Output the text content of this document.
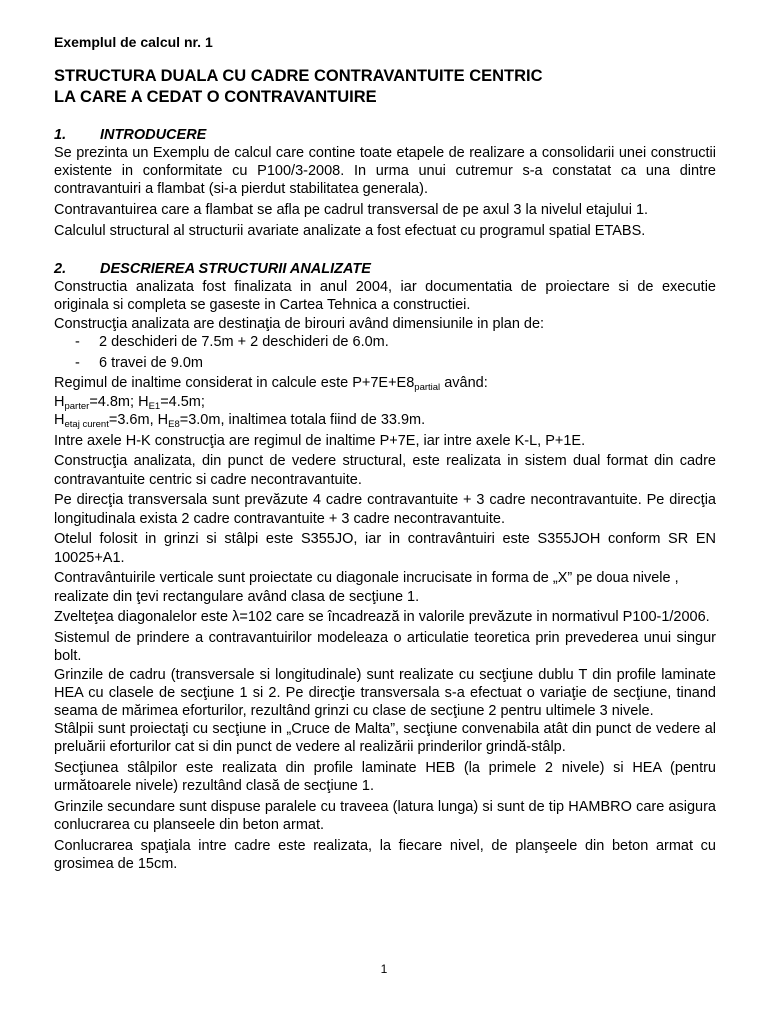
Exemplul de calcul nr. 1
STRUCTURA DUALA CU CADRE CONTRAVANTUITE CENTRIC
LA CARE A CEDAT O CONTRAVANTUIRE
1.	INTRODUCERE

Se prezinta un Exemplu de calcul care contine toate etapele de realizare a consolidarii unei constructii existente in conformitate cu P100/3-2008. In urma unui cutremur s-a constatat ca una dintre contravantuiri a flambat (si-a pierdut stabilitatea generala).

Contravantuirea care a flambat se afla pe cadrul transversal de pe axul 3 la nivelul etajului 1.

Calculul structural al structurii avariate analizate a fost efectuat cu programul spatial ETABS.

2.	DESCRIEREA STRUCTURII ANALIZATE

Constructia analizata fost finalizata in anul 2004, iar documentatia de proiectare si de executie originala si completa se gaseste in Cartea Tehnica a constructiei.

Construcţia analizata are destinaţia de birouri având dimensiunile in plan de:

-	2 deschideri de 7.5m + 2 deschideri de 6.0m.
-	6 travei de 9.0m

Regimul de inaltime considerat in calcule este $P+7E+E8_{partial}$ având:

$H_{parter}=4.8m$; $H_{E1}=4.5m$;

$H_{etaj curent}=3.6m$, $H_{E8}=3.0m$, inaltimea totala fiind de 33.9m.

Intre axele H-K construcţia are regimul de inaltime P+7E, iar intre axele K-L, P+1E.

Construcţia analizata, din punct de vedere structural, este realizata in sistem dual format din cadre contravantuite centric si cadre necontravantuite.

Pe direcţia transversala sunt prevăzute 4 cadre contravantuite + 3 cadre necontravantuite. Pe direcţia longitudinala exista 2 cadre contravantuite + 3 cadre necontravantuite.

Otelul folosit in grinzi si stâlpi este S355JO, iar in contravântuiri este S355JOH conform SR EN 10025+A1.

Contravântuirile verticale sunt proiectate cu diagonale incrucisate in forma de „X” pe doua nivele , realizate din ţevi rectangulare având clasa de secţiune 1.

Zvelteţea diagonalelor este λ=102 care se încadrează in valorile prevăzute in normativul P100-1/2006.

Sistemul de prindere a contravantuirilor modeleaza o articulatie teoretica prin prevederea unui singur bolt.

Grinzile de cadru (transversale si longitudinale) sunt realizate cu secţiune dublu T din profile laminate HEA cu clasele de secţiune 1 si 2. Pe direcţie transversala s-a efectuat o variaţie de secţiune, tinand seama de mărimea eforturilor, rezultând grinzi cu clase de secţiune 2 pentru ultimele 3 nivele.

Stâlpii sunt proiectaţi cu secţiune in „Cruce de Malta”, secţiune convenabila atât din punct de vedere al preluării eforturilor cat si din punct de vedere al realizării prinderilor grindă-stâlp.

Secţiunea stâlpilor este realizata din profile laminate HEB (la primele 2 nivele) si HEA (pentru următoarele nivele) rezultând clasă de secţiune 1.

Grinzile secundare sunt dispuse paralele cu traveea (latura lunga) si sunt de tip HAMBRO care asigura conlucrarea cu planseele din beton armat.

Conlucrarea spaţiala intre cadre este realizata, la fiecare nivel, de planşeele din beton armat cu grosimea de 15cm.

1
